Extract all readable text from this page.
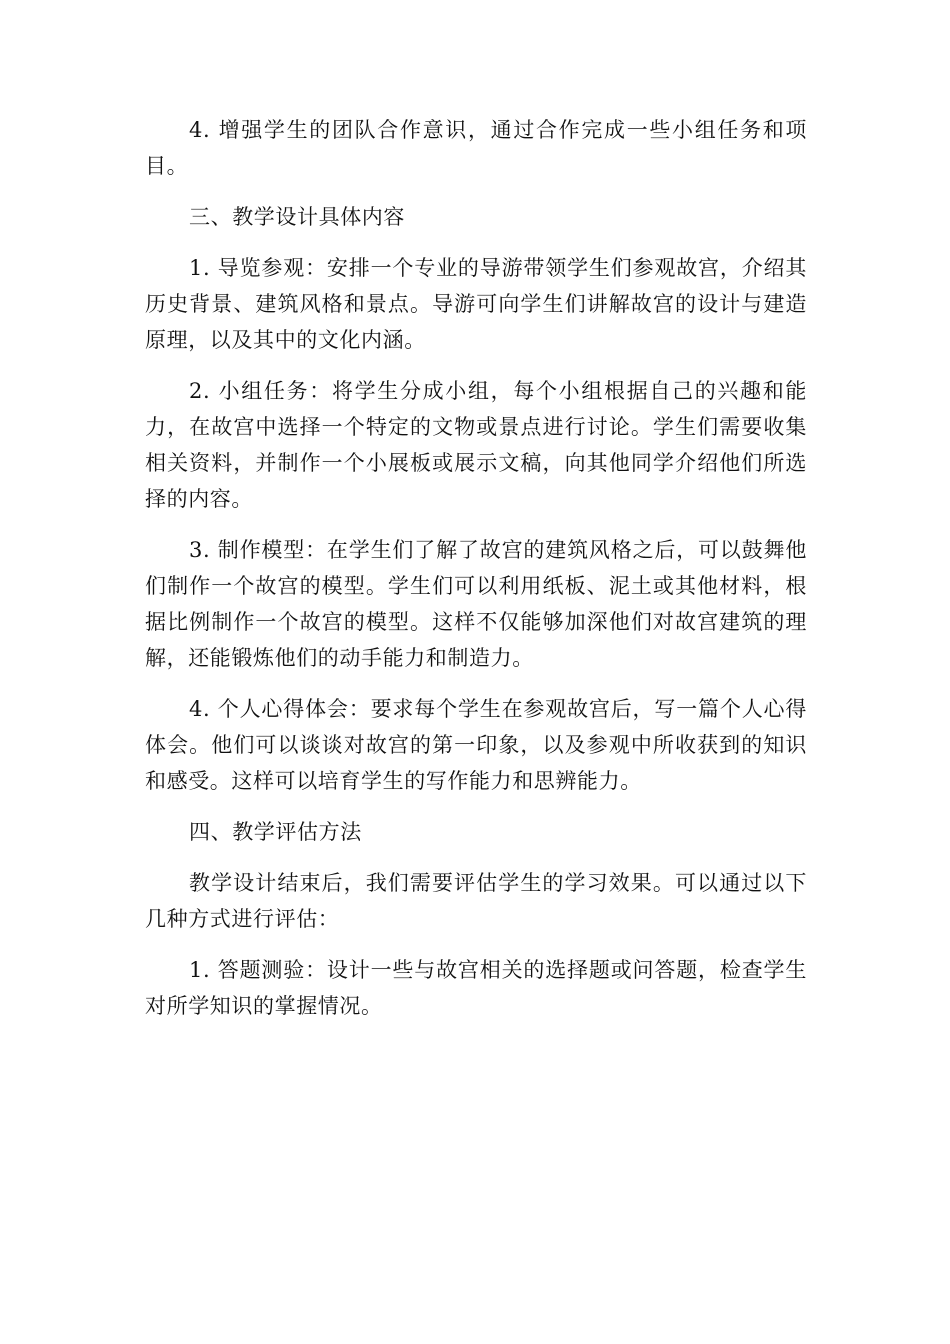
4. 增强学生的团队合作意识，通过合作完成一些小组任务和项目。

三、教学设计具体内容

1. 导览参观：安排一个专业的导游带领学生们参观故宫，介绍其历史背景、建筑风格和景点。导游可向学生们讲解故宫的设计与建造原理，以及其中的文化内涵。

2. 小组任务：将学生分成小组，每个小组根据自己的兴趣和能力，在故宫中选择一个特定的文物或景点进行讨论。学生们需要收集相关资料，并制作一个小展板或展示文稿，向其他同学介绍他们所选择的内容。

3. 制作模型：在学生们了解了故宫的建筑风格之后，可以鼓舞他们制作一个故宫的模型。学生们可以利用纸板、泥土或其他材料，根据比例制作一个故宫的模型。这样不仅能够加深他们对故宫建筑的理解，还能锻炼他们的动手能力和制造力。

4. 个人心得体会：要求每个学生在参观故宫后，写一篇个人心得体会。他们可以谈谈对故宫的第一印象，以及参观中所收获到的知识和感受。这样可以培育学生的写作能力和思辨能力。

四、教学评估方法

教学设计结束后，我们需要评估学生的学习效果。可以通过以下几种方式进行评估：

1. 答题测验：设计一些与故宫相关的选择题或问答题，检查学生对所学知识的掌握情况。
